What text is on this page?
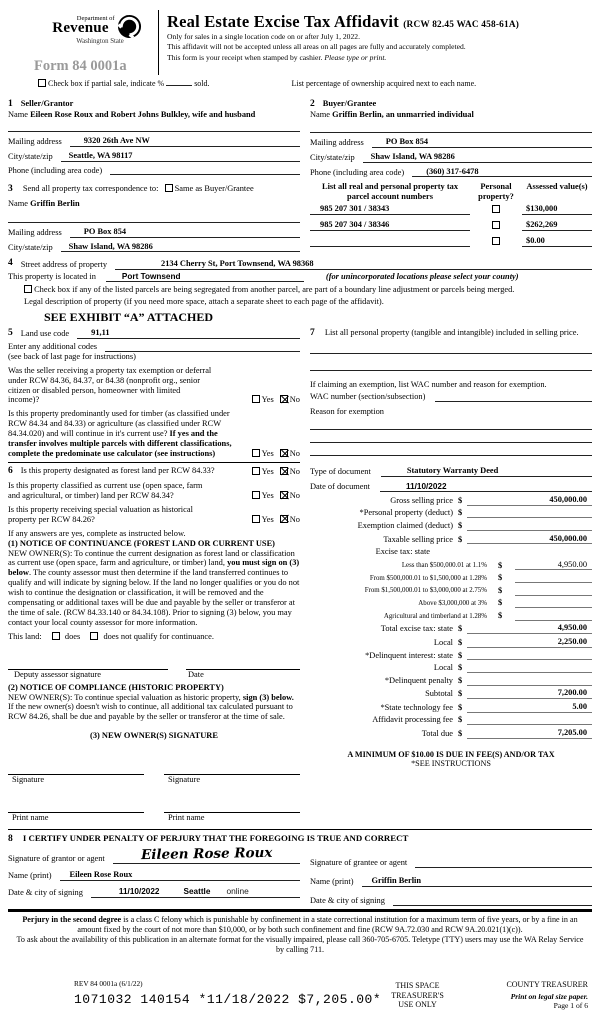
Department of
Revenue
Washington State
Form 84 0001a
Real Estate Excise Tax Affidavit (RCW 82.45 WAC 458-61A)
Only for sales in a single location code on or after July 1, 2022.
This affidavit will not be accepted unless all areas on all pages are fully and accurately completed.
This form is your receipt when stamped by cashier. Please type or print.
Check box if partial sale, indicate %	sold.	List percentage of ownership acquired next to each name.
1 Seller/Grantor
Name Eileen Rose Roux and Robert Johns Bulkley, wife and husband
Mailing address	9320 26th Ave NW
City/state/zip	Seattle, WA 98117
Phone (including area code)
3 Send all property tax correspondence to: Same as Buyer/Grantee
Name Griffin Berlin
Mailing address	PO Box 854
City/state/zip	Shaw Island, WA 98286
2 Buyer/Grantee
Name Griffin Berlin, an unmarried individual
Mailing address	PO Box 854
City/state/zip	Shaw Island, WA 98286
Phone (including area code)	(360) 317-6478
List all real and personal property tax parcel account numbers
Personal property?
Assessed value(s)
985 207 301 / 38343	$130,000
985 207 304 / 38346	$262,269
$0.00
4 Street address of property	2134 Cherry St, Port Townsend, WA 98368
This property is located in	Port Townsend	(for unincorporated locations please select your county)
Check box if any of the listed parcels are being segregated from another parcel, are part of a boundary line adjustment or parcels being merged.
Legal description of property (if you need more space, attach a separate sheet to each page of the affidavit).
SEE EXHIBIT “A” ATTACHED
5 Land use code	91,11
Enter any additional codes
(see back of last page for instructions)

Was the seller receiving a property tax exemption or deferral under RCW 84.36, 84.37, or 84.38 (nonprofit org., senior citizen or disabled person, homeowner with limited income)?	Yes No

Is this property predominantly used for timber (as classified under RCW 84.34 and 84.33) or agriculture (as classified under RCW 84.34.020) and will continue in it's current use? If yes and the transfer involves multiple parcels with different classifications, complete the predominate use calculator (see instructions)	Yes No

6 Is this property designated as forest land per RCW 84.33?	Yes No

Is this property classified as current use (open space, farm and agricultural, or timber) land per RCW 84.34?	Yes No

Is this property receiving special valuation as historical property per RCW 84.26?	Yes No
If any answers are yes, complete as instructed below.
(1) NOTICE OF CONTINUANCE (FOREST LAND OR CURRENT USE)

NEW OWNER(S): To continue the current designation as forest land or classification as current use (open space, farm and agriculture, or timber) land, you must sign on (3) below. The county assessor must then determine if the land transferred continues to qualify and will indicate by signing below. If the land no longer qualifies or you do not wish to continue the designation or classification, it will be removed and the compensating or additional taxes will be due and payable by the seller or transferor at the time of sale. (RCW 84.33.140 or 84.34.108). Prior to signing (3) below, you may contact your local county assessor for more information.

This land:	does	does not qualify for continuance.
Deputy assessor signature	Date
(2) NOTICE OF COMPLIANCE (HISTORIC PROPERTY)

NEW OWNER(S): To continue special valuation as historic property, sign (3) below. If the new owner(s) doesn't wish to continue, all additional tax calculated pursuant to RCW 84.26, shall be due and payable by the seller or transferor at the time of sale.

(3) NEW OWNER(S) SIGNATURE
Signature	Signature
Print name	Print name
7 List all personal property (tangible and intangible) included in selling price.
If claiming an exemption, list WAC number and reason for exemption.
WAC number (section/subsection)
Reason for exemption
Type of document	Statutory Warranty Deed
Date of document	11/10/2022
Gross selling price $	450,000.00
*Personal property (deduct) $
Exemption claimed (deduct) $
Taxable selling price $	450,000.00
Excise tax: state
Less than $500,000.01 at 1.1%	$	4,950.00
From $500,000.01 to $1,500,000 at 1.28%	$
From $1,500,000.01 to $3,000,000 at 2.75%	$
Above $3,000,000 at 3%	$
Agricultural and timberland at 1.28%	$
Total excise tax: state $	4,950.00
Local $	2,250.00
*Delinquent interest: state $
Local $
*Delinquent penalty $
Subtotal $	7,200.00
*State technology fee $	5.00
Affidavit processing fee $
Total due $	7,205.00
A MINIMUM OF $10.00 IS DUE IN FEE(S) AND/OR TAX
*SEE INSTRUCTIONS
8 I CERTIFY UNDER PENALTY OF PERJURY THAT THE FOREGOING IS TRUE AND CORRECT
Signature of grantor or agent	Eileen Rose Roux
Name (print)	Eileen Rose Roux
Date & city of signing	11/10/2022	Seattle online
Signature of grantee or agent
Name (print)	Griffin Berlin
Date & city of signing

Perjury in the second degree is a class C felony which is punishable by confinement in a state correctional institution for a maximum term of five years, or by a fine in an amount fixed by the court of not more than $10,000, or by both such confinement and fine (RCW 9A.72.030 and RCW 9A.20.021(1)(c)).

To ask about the availability of this publication in an alternate format for the visually impaired, please call 360-705-6705. Teletype (TTY) users may use the WA Relay Service by calling 711.

REV 84 0001a (6/1/22)
1071032 140154 *11/18/2022 $7,205.00*
THIS SPACE TREASURER'S USE ONLY
COUNTY TREASURER
Print on legal size paper.
Page 1 of 6
